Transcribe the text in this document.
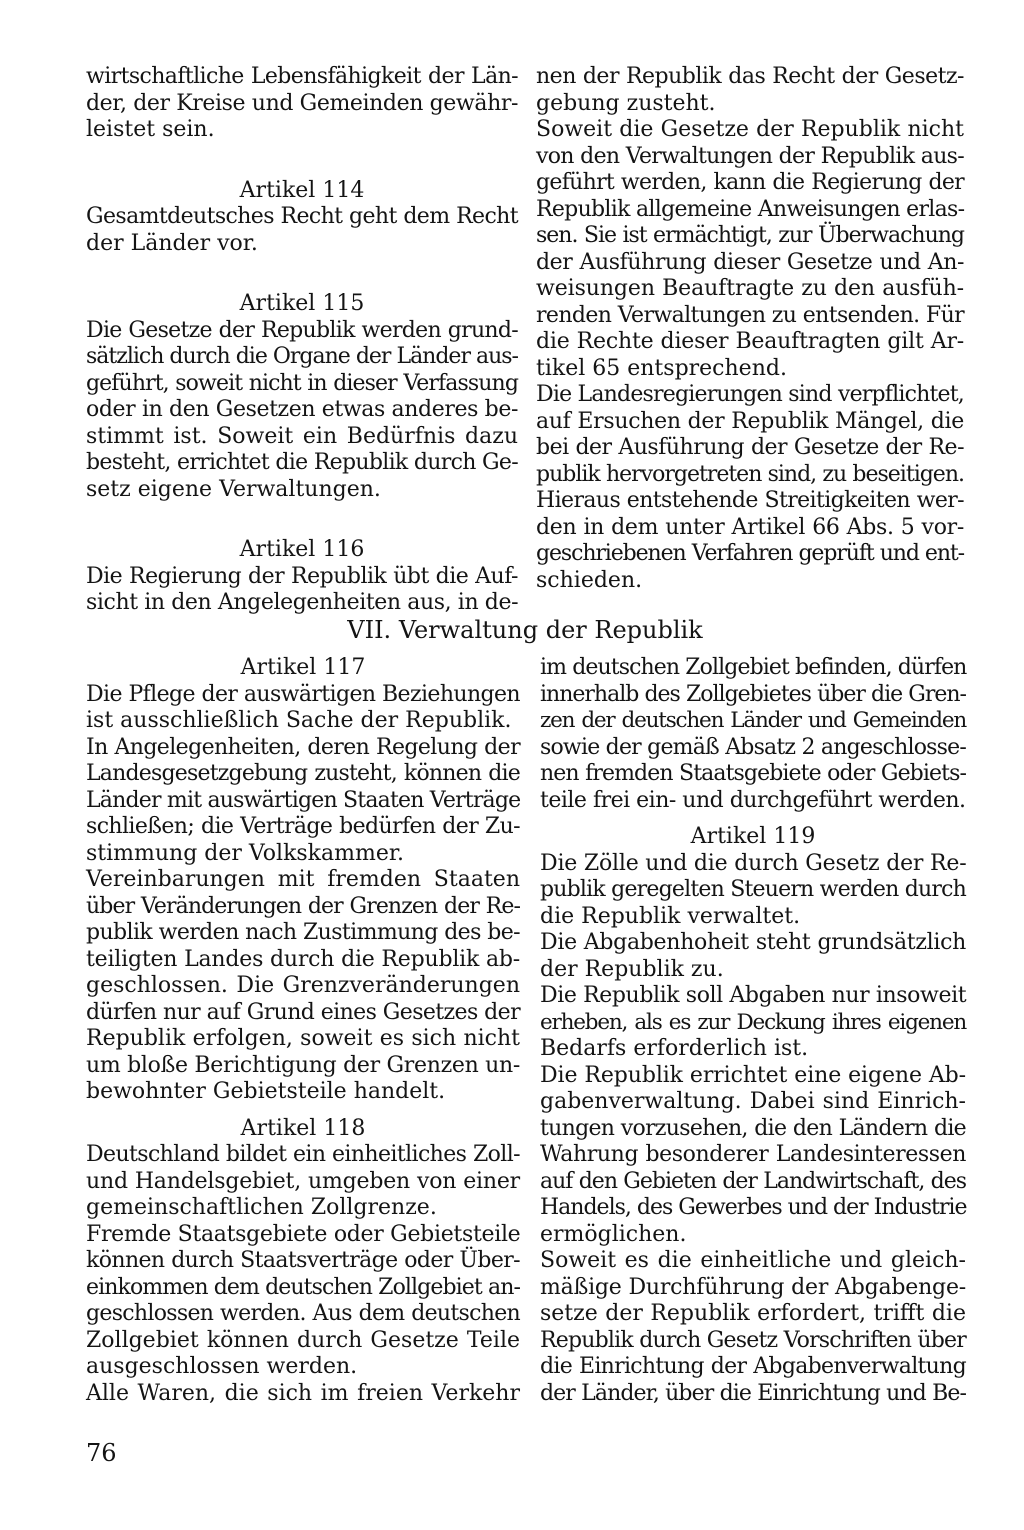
wirtschaftliche Lebensfähigkeit der Län-
der, der Kreise und Gemeinden gewähr-
leistet sein.
Artikel 114
Gesamtdeutsches Recht geht dem Recht
der Länder vor.
Artikel 115
Die Gesetze der Republik werden grund-
sätzlich durch die Organe der Länder aus-
geführt, soweit nicht in dieser Verfassung
oder in den Gesetzen etwas anderes be-
stimmt ist. Soweit ein Bedürfnis dazu
besteht, errichtet die Republik durch Ge-
setz eigene Verwaltungen.
Artikel 116
Die Regierung der Republik übt die Auf-
sicht in den Angelegenheiten aus, in de-
nen der Republik das Recht der Gesetz-
gebung zusteht.
Soweit die Gesetze der Republik nicht
von den Verwaltungen der Republik aus-
geführt werden, kann die Regierung der
Republik allgemeine Anweisungen erlas-
sen. Sie ist ermächtigt, zur Überwachung
der Ausführung dieser Gesetze und An-
weisungen Beauftragte zu den ausfüh-
renden Verwaltungen zu entsenden. Für
die Rechte dieser Beauftragten gilt Ar-
tikel 65 entsprechend.
Die Landesregierungen sind verpflichtet,
auf Ersuchen der Republik Mängel, die
bei der Ausführung der Gesetze der Re-
publik hervorgetreten sind, zu beseitigen.
Hieraus entstehende Streitigkeiten wer-
den in dem unter Artikel 66 Abs. 5 vor-
geschriebenen Verfahren geprüft und ent-
schieden.
VII. Verwaltung der Republik
Artikel 117
Die Pflege der auswärtigen Beziehungen
ist ausschließlich Sache der Republik.
In Angelegenheiten, deren Regelung der
Landesgesetzgebung zusteht, können die
Länder mit auswärtigen Staaten Verträge
schließen; die Verträge bedürfen der Zu-
stimmung der Volkskammer.
Vereinbarungen mit fremden Staaten
über Veränderungen der Grenzen der Re-
publik werden nach Zustimmung des be-
teiligten Landes durch die Republik ab-
geschlossen. Die Grenzveränderungen
dürfen nur auf Grund eines Gesetzes der
Republik erfolgen, soweit es sich nicht
um bloße Berichtigung der Grenzen un-
bewohnter Gebietsteile handelt.
Artikel 118
Deutschland bildet ein einheitliches Zoll-
und Handelsgebiet, umgeben von einer
gemeinschaftlichen Zollgrenze.
Fremde Staatsgebiete oder Gebietsteile
können durch Staatsverträge oder Über-
einkommen dem deutschen Zollgebiet an-
geschlossen werden. Aus dem deutschen
Zollgebiet können durch Gesetze Teile
ausgeschlossen werden.
Alle Waren, die sich im freien Verkehr
im deutschen Zollgebiet befinden, dürfen
innerhalb des Zollgebietes über die Gren-
zen der deutschen Länder und Gemeinden
sowie der gemäß Absatz 2 angeschlosse-
nen fremden Staatsgebiete oder Gebiets-
teile frei ein- und durchgeführt werden.
Artikel 119
Die Zölle und die durch Gesetz der Re-
publik geregelten Steuern werden durch
die Republik verwaltet.
Die Abgabenhoheit steht grundsätzlich
der Republik zu.
Die Republik soll Abgaben nur insoweit
erheben, als es zur Deckung ihres eigenen
Bedarfs erforderlich ist.
Die Republik errichtet eine eigene Ab-
gabenverwaltung. Dabei sind Einrich-
tungen vorzusehen, die den Ländern die
Wahrung besonderer Landesinteressen
auf den Gebieten der Landwirtschaft, des
Handels, des Gewerbes und der Industrie
ermöglichen.
Soweit es die einheitliche und gleich-
mäßige Durchführung der Abgabenge-
setze der Republik erfordert, trifft die
Republik durch Gesetz Vorschriften über
die Einrichtung der Abgabenverwaltung
der Länder, über die Einrichtung und Be-
76
